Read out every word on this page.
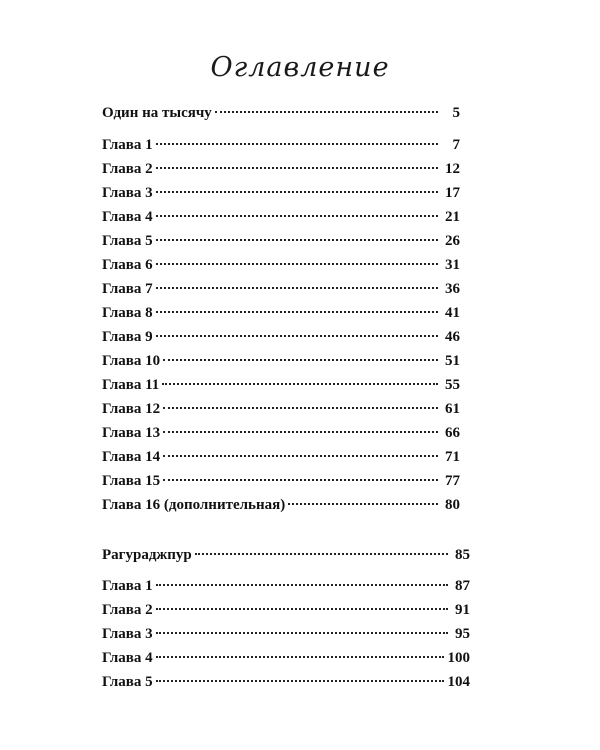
Оглавление
Один на тысячу	5
Глава 1	7
Глава 2	12
Глава 3	17
Глава 4	21
Глава 5	26
Глава 6	31
Глава 7	36
Глава 8	41
Глава 9	46
Глава 10	51
Глава 11	55
Глава 12	61
Глава 13	66
Глава 14	71
Глава 15	77
Глава 16 (дополнительная)	80
Рагураджпур	85
Глава 1	87
Глава 2	91
Глава 3	95
Глава 4	100
Глава 5	104
